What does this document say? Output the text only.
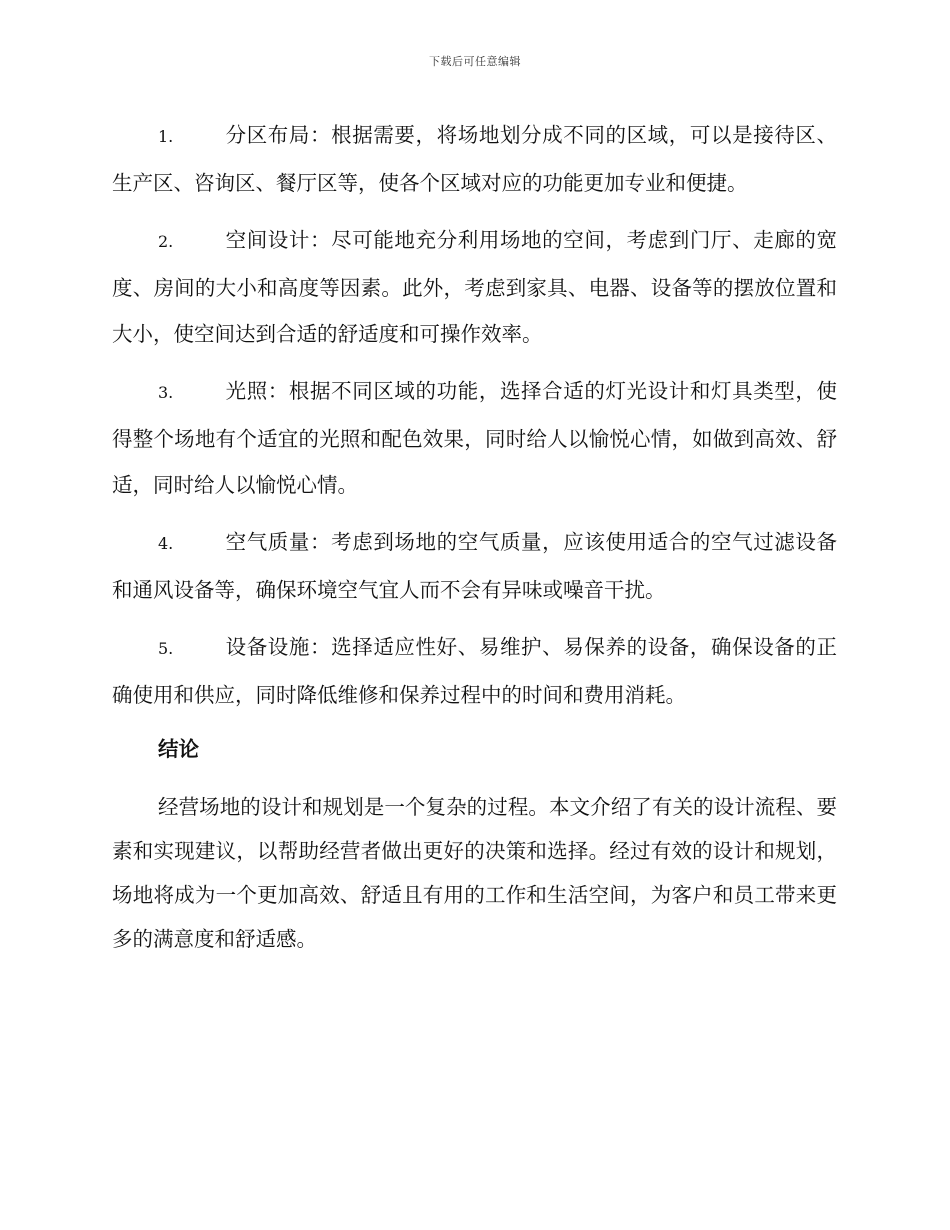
下载后可任意编辑

1.	分区布局：根据需要，将场地划分成不同的区域，可以是接待区、生产区、咨询区、餐厅区等，使各个区域对应的功能更加专业和便捷。

2.	空间设计：尽可能地充分利用场地的空间，考虑到门厅、走廊的宽度、房间的大小和高度等因素。此外，考虑到家具、电器、设备等的摆放位置和大小，使空间达到合适的舒适度和可操作效率。

3.	光照：根据不同区域的功能，选择合适的灯光设计和灯具类型，使得整个场地有个适宜的光照和配色效果，同时给人以愉悦心情，如做到高效、舒适，同时给人以愉悦心情。

4.	空气质量：考虑到场地的空气质量，应该使用适合的空气过滤设备和通风设备等，确保环境空气宜人而不会有异味或噪音干扰。

5.	设备设施：选择适应性好、易维护、易保养的设备，确保设备的正确使用和供应，同时降低维修和保养过程中的时间和费用消耗。

结论

经营场地的设计和规划是一个复杂的过程。本文介绍了有关的设计流程、要素和实现建议，以帮助经营者做出更好的决策和选择。经过有效的设计和规划，场地将成为一个更加高效、舒适且有用的工作和生活空间，为客户和员工带来更多的满意度和舒适感。
